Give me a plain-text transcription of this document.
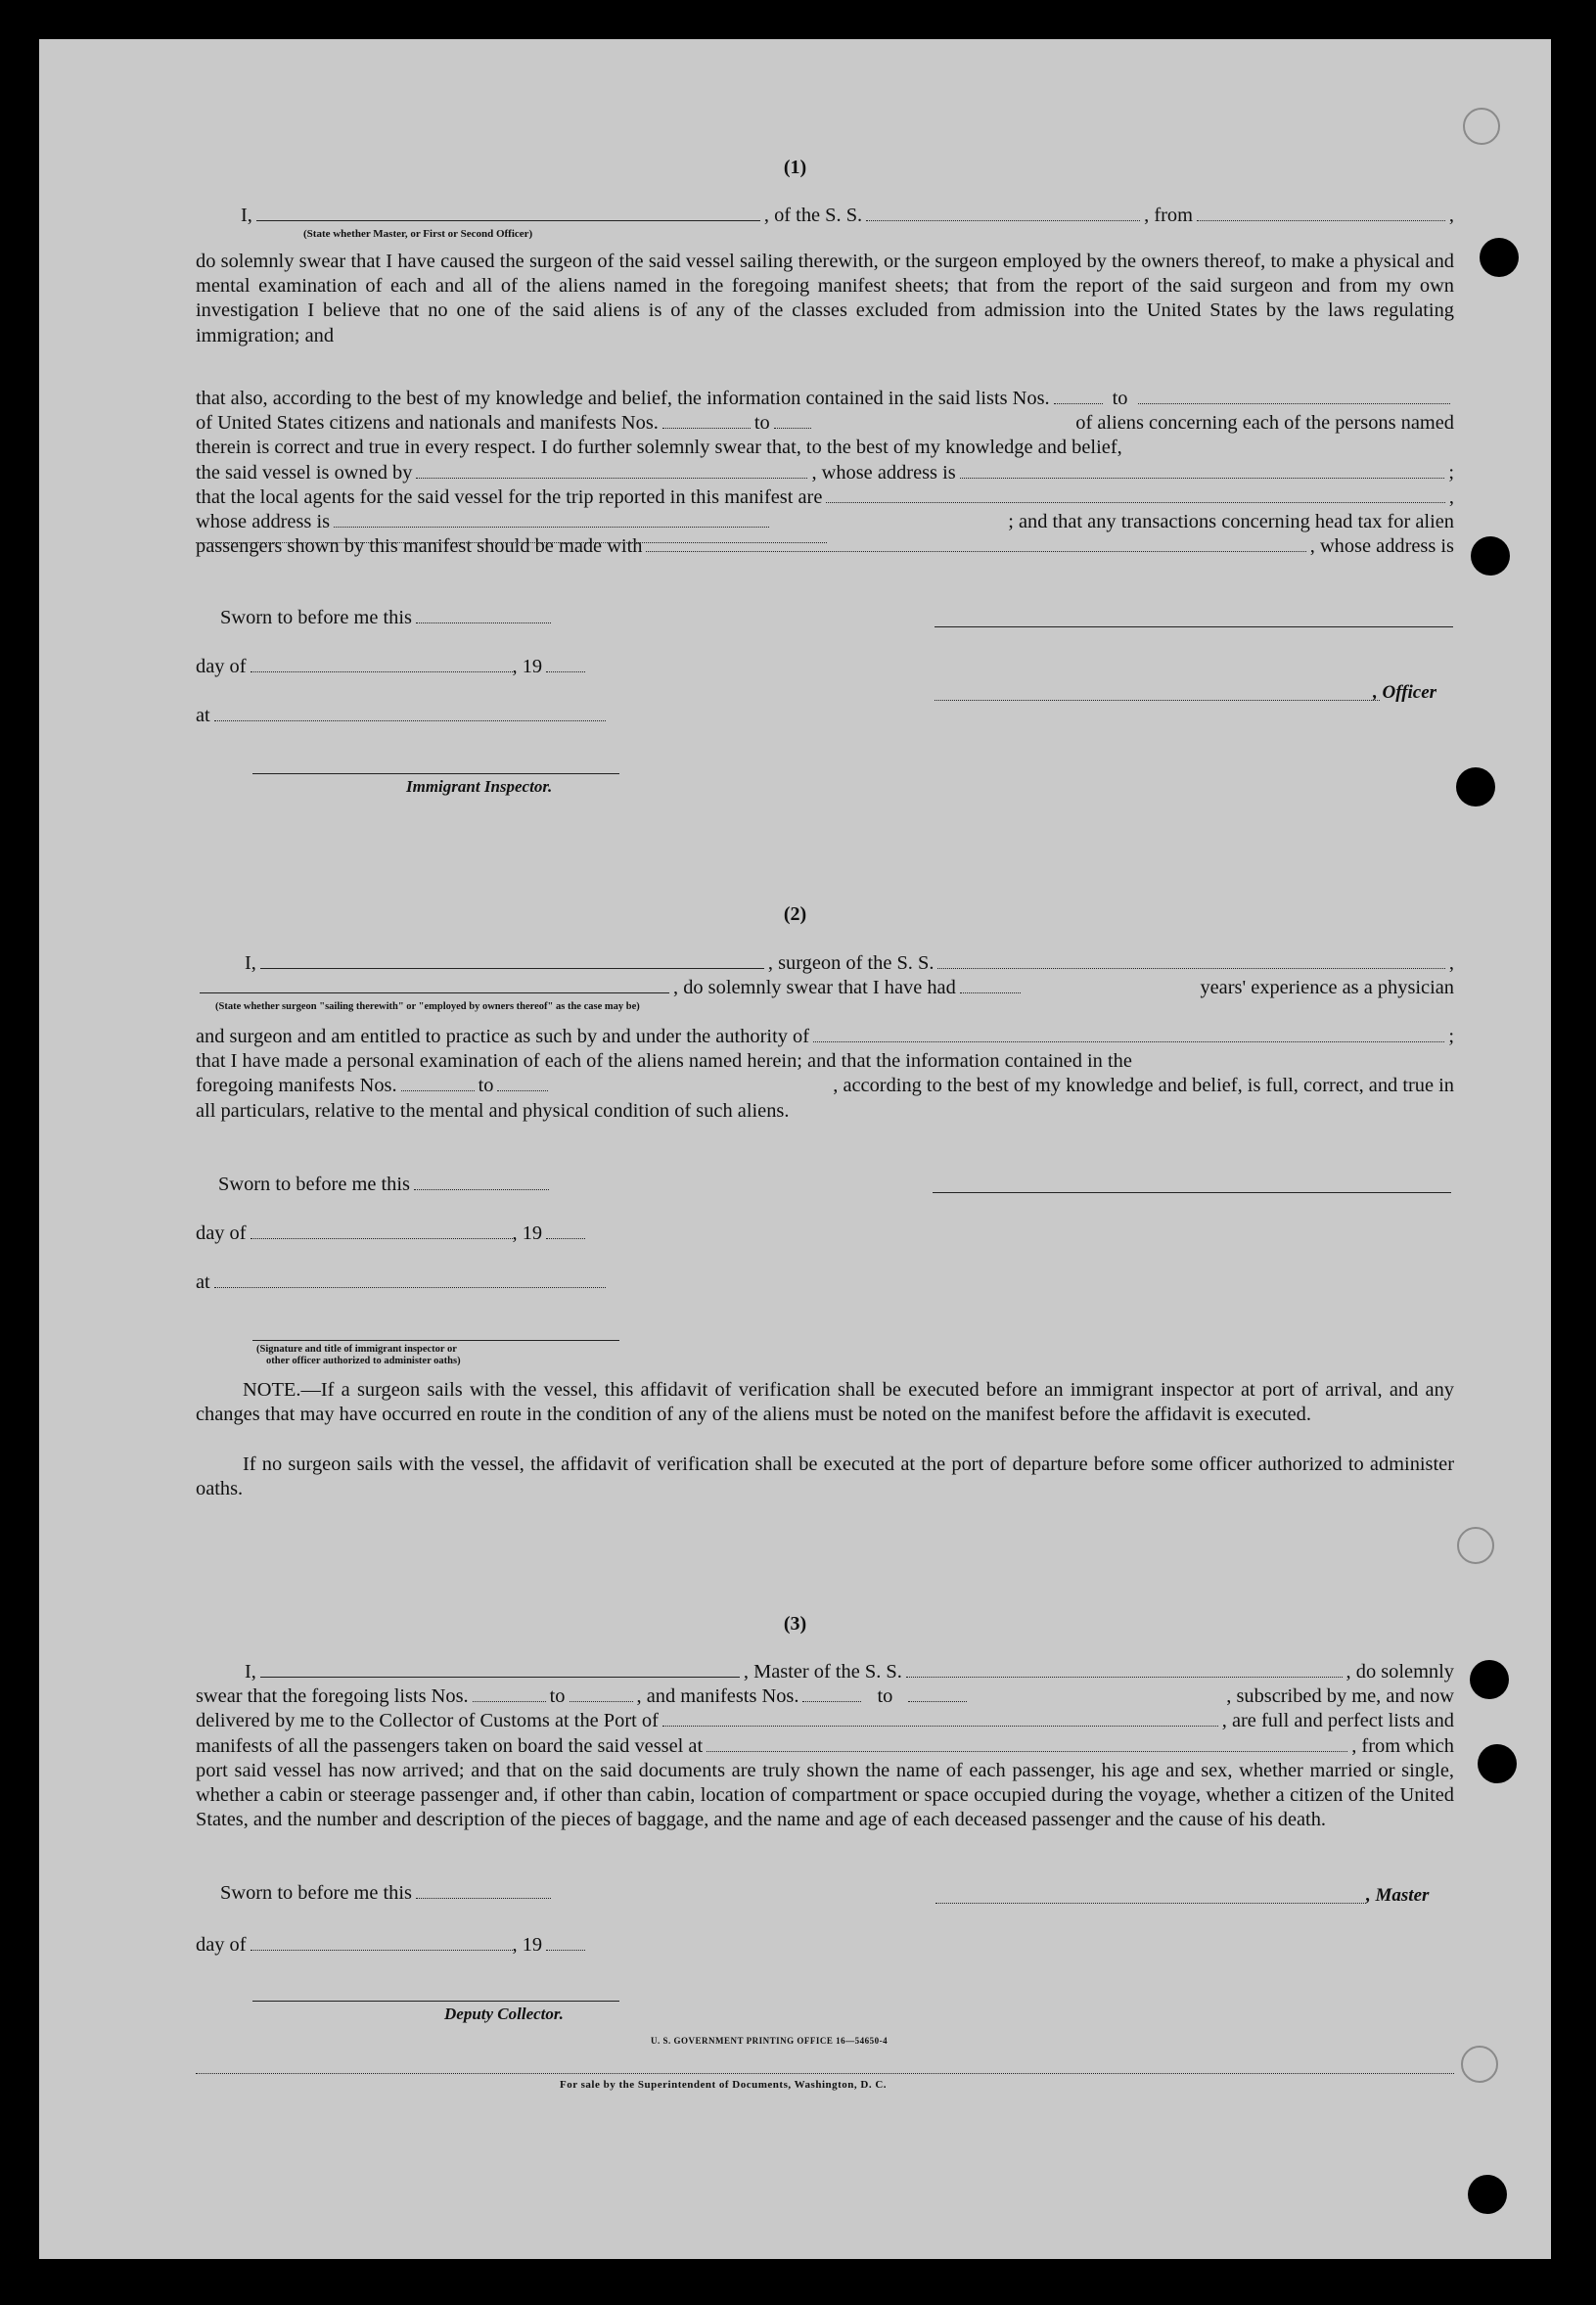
(1)
I,	, of the S. S.	, from	,
(State whether Master, or First or Second Officer)
do solemnly swear that I have caused the surgeon of the said vessel sailing therewith, or the surgeon employed by the owners thereof, to make a physical and mental examination of each and all of the aliens named in the foregoing manifest sheets; that from the report of the said surgeon and from my own investigation I believe that no one of the said aliens is of any of the classes excluded from admission into the United States by the laws regulating immigration; and
that also, according to the best of my knowledge and belief, the information contained in the said lists Nos.	to
of United States citizens and nationals and manifests Nos.	to	of aliens concerning each of the persons named
therein is correct and true in every respect. I do further solemnly swear that, to the best of my knowledge and belief,
the said vessel is owned by	, whose address is	;
that the local agents for the said vessel for the trip reported in this manifest are	,
whose address is	; and that any transactions concerning head tax for alien
passengers shown by this manifest should be made with	, whose address is
Sworn to before me this
day of	, 19
, Officer
at
Immigrant Inspector.
(2)
I,	, surgeon of the S. S.	,
, do solemnly swear that I have had	years' experience as a physician
(State whether surgeon "sailing therewith" or "employed by owners thereof" as the case may be)
and surgeon and am entitled to practice as such by and under the authority of	;
that I have made a personal examination of each of the aliens named herein; and that the information contained in the
foregoing manifests Nos.	to	, according to the best of my knowledge and belief, is full, correct, and true in
all particulars, relative to the mental and physical condition of such aliens.
Sworn to before me this
day of	, 19
at
(Signature and title of immigrant inspector or
other officer authorized to administer oaths)
NOTE.—If a surgeon sails with the vessel, this affidavit of verification shall be executed before an immigrant inspector at port of arrival, and any changes that may have occurred en route in the condition of any of the aliens must be noted on the manifest before the affidavit is executed.
If no surgeon sails with the vessel, the affidavit of verification shall be executed at the port of departure before some officer authorized to administer oaths.
(3)
I,	, Master of the S. S.	, do solemnly
swear that the foregoing lists Nos.	to	, and manifests Nos.	to	, subscribed by me, and now
delivered by me to the Collector of Customs at the Port of	, are full and perfect lists and
manifests of all the passengers taken on board the said vessel at	, from which
port said vessel has now arrived; and that on the said documents are truly shown the name of each passenger, his age and sex, whether married or single, whether a cabin or steerage passenger and, if other than cabin, location of compartment or space occupied during the voyage, whether a citizen of the United States, and the number and description of the pieces of baggage, and the name and age of each deceased passenger and the cause of his death.
Sworn to before me this	, Master
day of	, 19
Deputy Collector.
U. S. GOVERNMENT PRINTING OFFICE 16—54650-4
For sale by the Superintendent of Documents, Washington, D. C.
